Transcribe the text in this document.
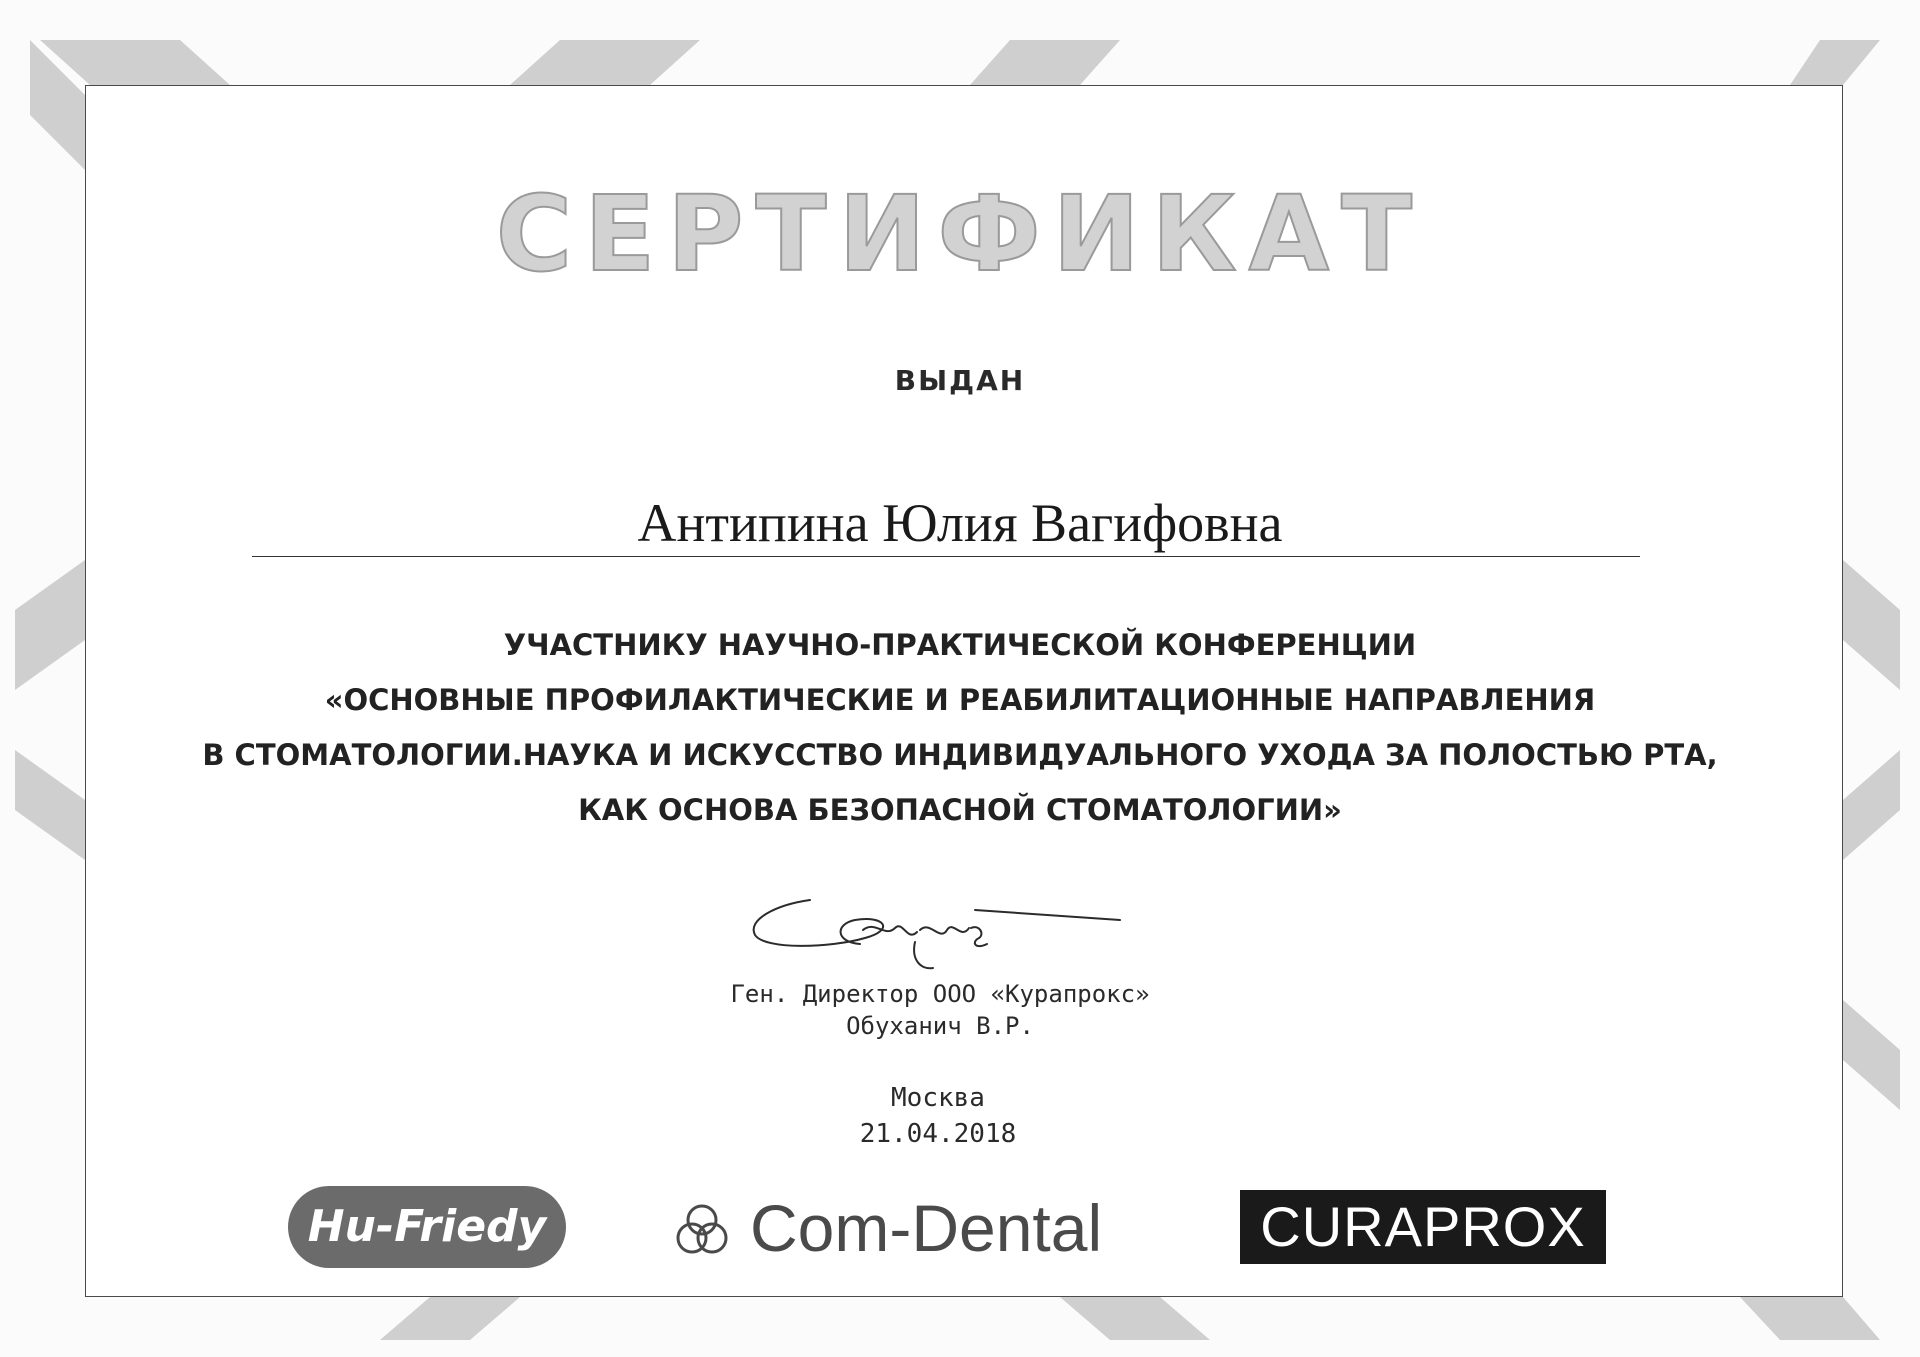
СЕРТИФИКАТ
ВЫДАН
Антипина Юлия Вагифовна
УЧАСТНИКУ НАУЧНО-ПРАКТИЧЕСКОЙ КОНФЕРЕНЦИИ
«ОСНОВНЫЕ ПРОФИЛАКТИЧЕСКИЕ И РЕАБИЛИТАЦИОННЫЕ НАПРАВЛЕНИЯ
В СТОМАТОЛОГИИ.НАУКА И ИСКУССТВО ИНДИВИДУАЛЬНОГО УХОДА ЗА ПОЛОСТЬЮ РТА,
КАК ОСНОВА БЕЗОПАСНОЙ СТОМАТОЛОГИИ»
Ген. Директор ООО «Курапрокс»
Обуханич В.Р.
Москва
21.04.2018
Hu-Friedy	Com-Dental	CURAPROX
